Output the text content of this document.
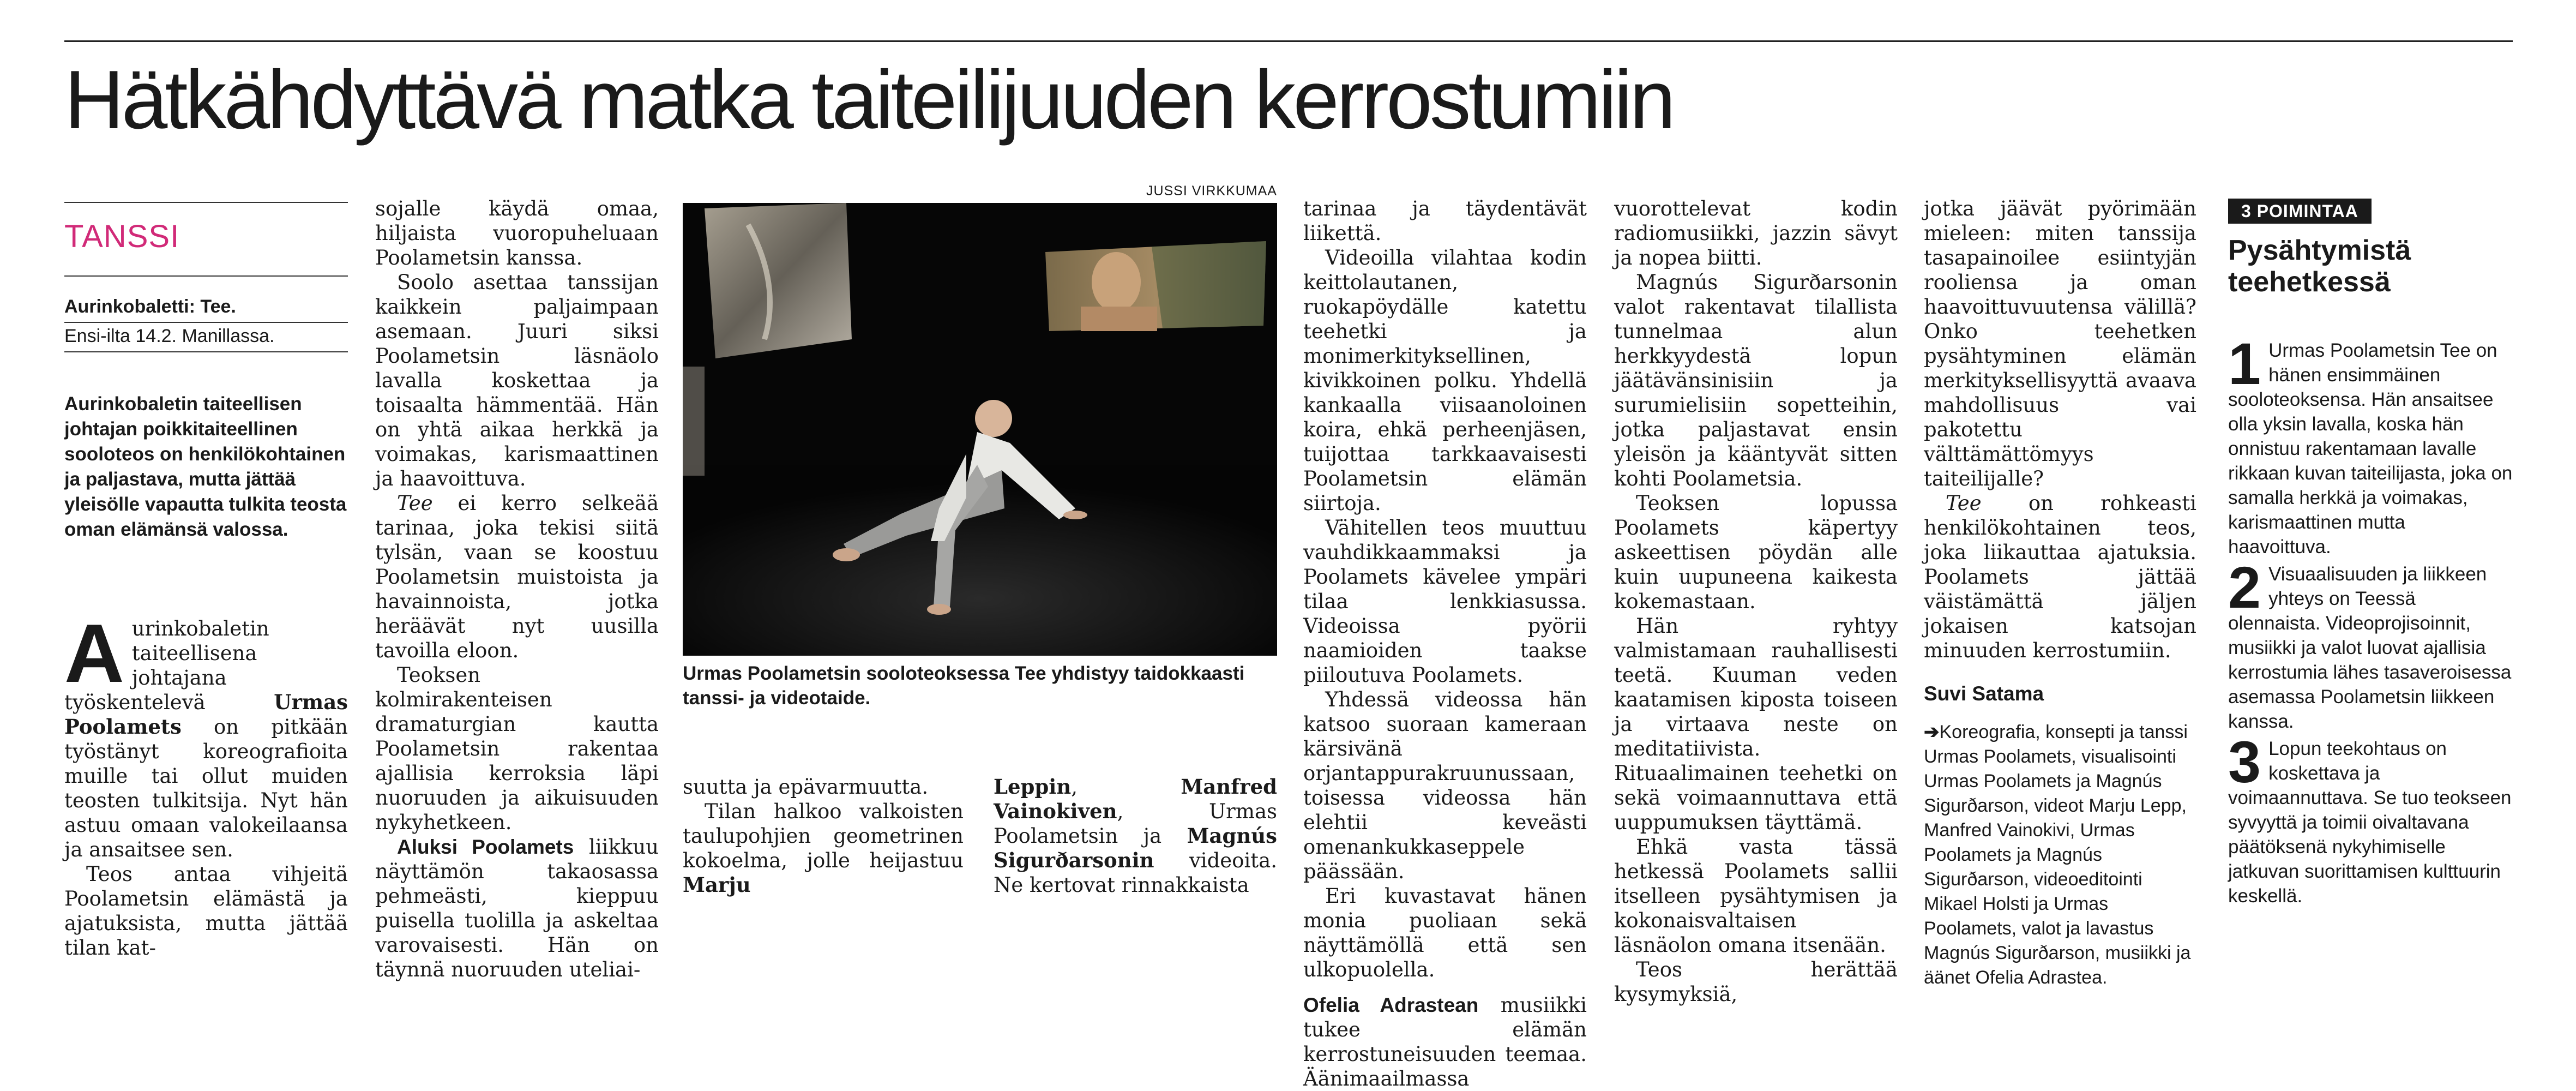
Hätkähdyttävä matka taiteilijuuden kerrostumiin
TANSSI
Aurinkobaletti: Tee.
Ensi-ilta 14.2. Manillassa.
Aurinkobaletin taiteellisen johtajan poikkitaiteellinen sooloteos on henkilökohtainen ja paljastava, mutta jättää yleisölle vapautta tulkita teosta oman elämänsä valossa.

Aurinkobaletin taiteellisena johtajana työskentelevä	Urmas Poolamets on pitkään työstänyt koreografioita muille tai ollut muiden teosten tulkitsija. Nyt hän astuu omaan valokeilaansa ja ansaitsee sen.

Teos antaa vihjeitä Poolametsin elämästä ja ajatuksista, mutta jättää tilan kat-

sojalle käydä omaa, hiljaista vuoropuheluaan Poolametsin kanssa.

Soolo asettaa tanssijan kaikkein paljaimpaan asemaan. Juuri siksi Poolametsin läsnäolo lavalla koskettaa ja toisaalta hämmentää. Hän on yhtä aikaa herkkä ja voimakas, karismaattinen ja haavoittuva.

Tee ei kerro selkeää tarinaa, joka tekisi siitä tylsän, vaan se koostuu Poolametsin muistoista ja havainnoista, jotka heräävät nyt uusilla tavoilla eloon.

Teoksen kolmirakenteisen dramaturgian kautta Poolametsin rakentaa ajallisia kerroksia läpi nuoruuden ja aikuisuuden nykyhetkeen.

Aluksi Poolamets liikkuu näyttämön takaosassa pehmeästi, kieppuu puisella tuolilla ja askeltaa varovaisesti. Hän on täynnä nuoruuden uteliai-

JUSSI VIRKKUMAA
Urmas Poolametsin sooloteoksessa Tee yhdistyy taidokkaasti tanssi- ja videotaide.

suutta ja epävarmuutta.

Tilan halkoo valkoisten taulupohjien geometrinen kokoelma, jolle heijastuu Marju

Leppin, Manfred Vainokiven, Urmas Poolametsin ja Magnús Sigurðarsonin videoita. Ne kertovat rinnakkaista

tarinaa ja täydentävät liikettä.

Videoilla vilahtaa kodin keittolautanen, ruokapöydälle katettu teehetki ja monimerkityksellinen, kivikkoinen polku. Yhdellä kankaalla viisaanoloinen koira, ehkä perheenjäsen, tuijottaa tarkkaavaisesti Poolametsin elämän siirtoja.

Vähitellen teos muuttuu vauhdikkaammaksi ja Poolamets kävelee ympäri tilaa lenkkiasussa. Videoissa pyörii naamioiden taakse piiloutuva Poolamets.

Yhdessä videossa hän katsoo suoraan kameraan kärsivänä orjantappurakruunussaan, toisessa videossa hän elehtii keveästi omenankukkaseppele päässään.

Eri kuvastavat hänen monia puoliaan sekä näyttämöllä että sen ulkopuolella.

Ofelia Adrastean musiikki tukee elämän kerrostuneisuuden teemaa. Äänimaailmassa

vuorottelevat kodin radiomusiikki, jazzin sävyt ja nopea biitti.

Magnús Sigurðarsonin valot rakentavat tilallista tunnelmaa alun herkkyydestä lopun jäätävänsinisiin ja surumielisiin sopetteihin, jotka paljastavat ensin yleisön ja kääntyvät sitten kohti Poolametsia.

Teoksen lopussa Poolamets käpertyy askeettisen pöydän alle kuin uupuneena kaikesta kokemastaan.

Hän ryhtyy valmistamaan rauhallisesti teetä. Kuuman veden kaatamisen kiposta toiseen ja virtaava neste on meditatiivista. Rituaalimainen teehetki on sekä voimaannuttava että uuppumuksen täyttämä.

Ehkä vasta tässä hetkessä Poolamets sallii itselleen pysähtymisen ja kokonaisvaltaisen läsnäolon omana itsenään.

Teos herättää kysymyksiä,

jotka jäävät pyörimään mieleen: miten tanssija tasapainoilee esiintyjän rooliensa ja oman haavoittuvuutensa välillä? Onko teehetken pysähtyminen elämän merkityksellisyyttä avaava mahdollisuus vai pakotettu välttämättömyys taiteilijalle?

Tee on rohkeasti henkilökohtainen teos, joka liikauttaa ajatuksia. Poolamets jättää väistämättä jäljen jokaisen katsojan minuuden kerrostumiin.

Suvi Satama

➔Koreografia, konsepti ja tanssi Urmas Poolamets, visualisointi Urmas Poolamets ja Magnús Sigurðarson, videot Marju Lepp, Manfred Vainokivi, Urmas Poolamets ja Magnús Sigurðarson, videoeditointi Mikael Holsti ja Urmas Poolamets, valot ja lavastus Magnús Sigurðarson, musiikki ja äänet Ofelia Adrastea.

3 POIMINTAA
Pysähtymistä teehetkessä
1 Urmas Poolametsin Tee on hänen ensimmäinen sooloteoksensa. Hän ansaitsee olla yksin lavalla, koska hän onnistuu rakentamaan lavalle rikkaan kuvan taiteilijasta, joka on samalla herkkä ja voimakas, karismaattinen mutta haavoittuva.
2 Visuaalisuuden ja liikkeen yhteys on Teessä olennaista. Videoprojisoinnit, musiikki ja valot luovat ajallisia kerrostumia lähes tasaveroisessa asemassa Poolametsin liikkeen kanssa.
3 Lopun teekohtaus on koskettava ja voimaannuttava. Se tuo teokseen syvyyttä ja toimii oivaltavana päätöksenä nykyhimiselle jatkuvan suorittamisen kulttuurin keskellä.
